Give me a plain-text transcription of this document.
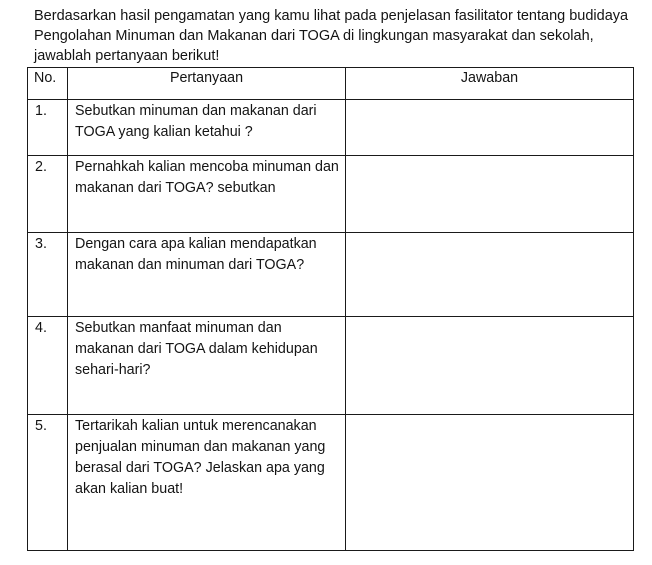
Berdasarkan hasil pengamatan yang kamu lihat pada penjelasan fasilitator tentang budidaya Pengolahan Minuman dan Makanan dari TOGA di lingkungan masyarakat dan sekolah, jawablah pertanyaan berikut!
No.	Pertanyaan	Jawaban
1.	Sebutkan minuman dan makanan dari TOGA yang kalian ketahui ?	
2.	Pernahkah kalian mencoba minuman dan makanan dari TOGA? sebutkan	
3.	Dengan cara apa kalian mendapatkan makanan dan minuman dari TOGA?	
4.	Sebutkan manfaat minuman dan makanan dari TOGA dalam kehidupan sehari-hari?	
5.	Tertarikah kalian untuk merencanakan penjualan minuman dan makanan yang berasal dari TOGA? Jelaskan apa yang akan kalian buat!	
